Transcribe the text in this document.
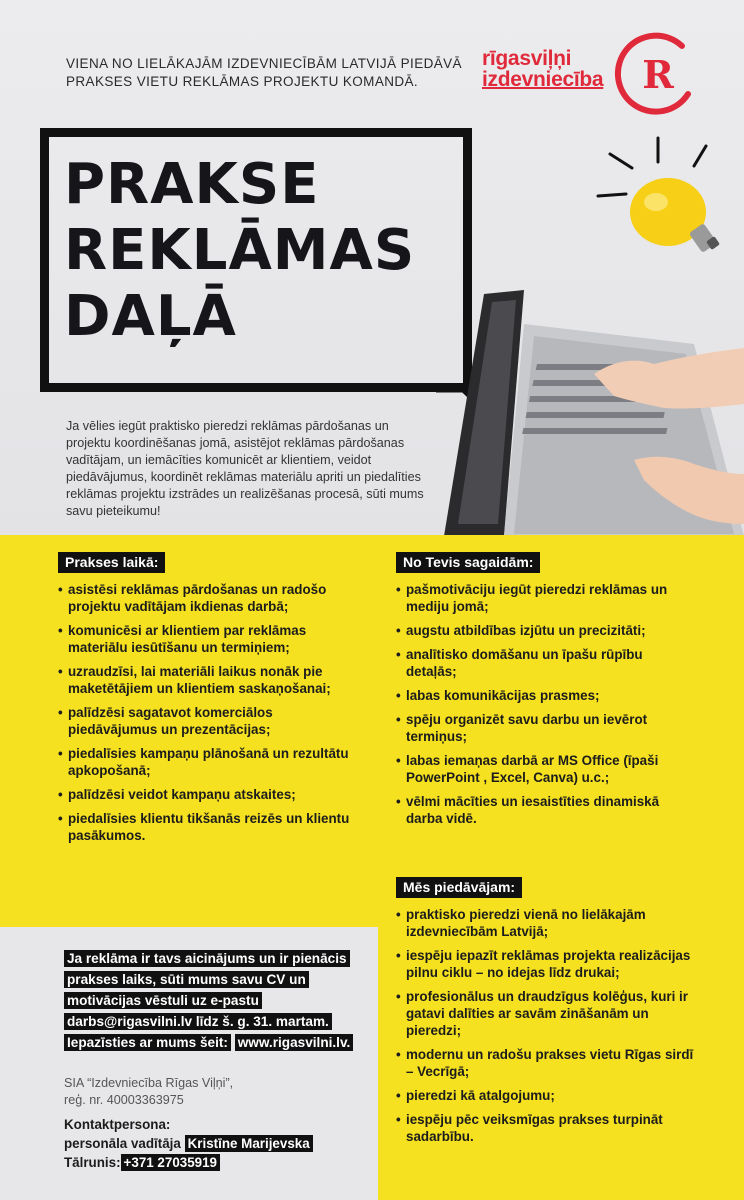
VIENA NO LIELĀKAJĀM IZDEVNIECĪBĀM LATVIJĀ PIEDĀVĀ PRAKSES VIETU REKLĀMAS PROJEKTU KOMANDĀ.
rīgasviļņi
izdevniecība R
PRAKSE
REKLĀMAS
DAĻĀ
Ja vēlies iegūt praktisko pieredzi reklāmas pārdošanas un projektu koordinēšanas jomā, asistējot reklāmas pārdošanas vadītājam, un iemācīties komunicēt ar klientiem, veidot piedāvājumus, koordinēt reklāmas materiālu apriti un piedalīties reklāmas projektu izstrādes un realizēšanas procesā, sūti mums savu pieteikumu!
Prakses laikā:
• asistēsi reklāmas pārdošanas un radošo projektu vadītājam ikdienas darbā;
• komunicēsi ar klientiem par reklāmas materiālu iesūtīšanu un termiņiem;
• uzraudzīsi, lai materiāli laikus nonāk pie maketētājiem un klientiem saskaņošanai;
• palīdzēsi sagatavot komerciālos piedāvājumus un prezentācijas;
• piedalīsies kampaņu plānošanā un rezultātu apkopošanā;
• palīdzēsi veidot kampaņu atskaites;
• piedalīsies klientu tikšanās reizēs un klientu pasākumos.
No Tevis sagaidām:
• pašmotivāciju iegūt pieredzi reklāmas un mediju jomā;
• augstu atbildības izjūtu un precizitāti;
• analītisko domāšanu un īpašu rūpību detaļās;
• labas komunikācijas prasmes;
• spēju organizēt savu darbu un ievērot termiņus;
• labas iemaņas darbā ar MS Office (īpaši PowerPoint , Excel, Canva) u.c.;
• vēlmi mācīties un iesaistīties dinamiskā darba vidē.
Mēs piedāvājam:
• praktisko pieredzi vienā no lielākajām izdevniecībām Latvijā;
• iespēju iepazīt reklāmas projekta realizācijas pilnu ciklu – no idejas līdz drukai;
• profesionālus un draudzīgus kolēģus, kuri ir gatavi dalīties ar savām zināšanām un pieredzi;
• modernu un radošu prakses vietu Rīgas sirdī – Vecrīgā;
• pieredzi kā atalgojumu;
• iespēju pēc veiksmīgas prakses turpināt sadarbību.
Ja reklāma ir tavs aicinājums un ir pienācis prakses laiks, sūti mums savu CV un motivācijas vēstuli uz e-pastu darbs@rigasvilni.lv līdz š. g. 31. martam. Iepazīsties ar mums šeit: www.rigasvilni.lv.
SIA “Izdevniecība Rīgas Viļņi”,
reģ. nr. 40003363975
Kontaktpersona:
personāla vadītāja Kristīne Marijevska
Tālrunis: +371 27035919
